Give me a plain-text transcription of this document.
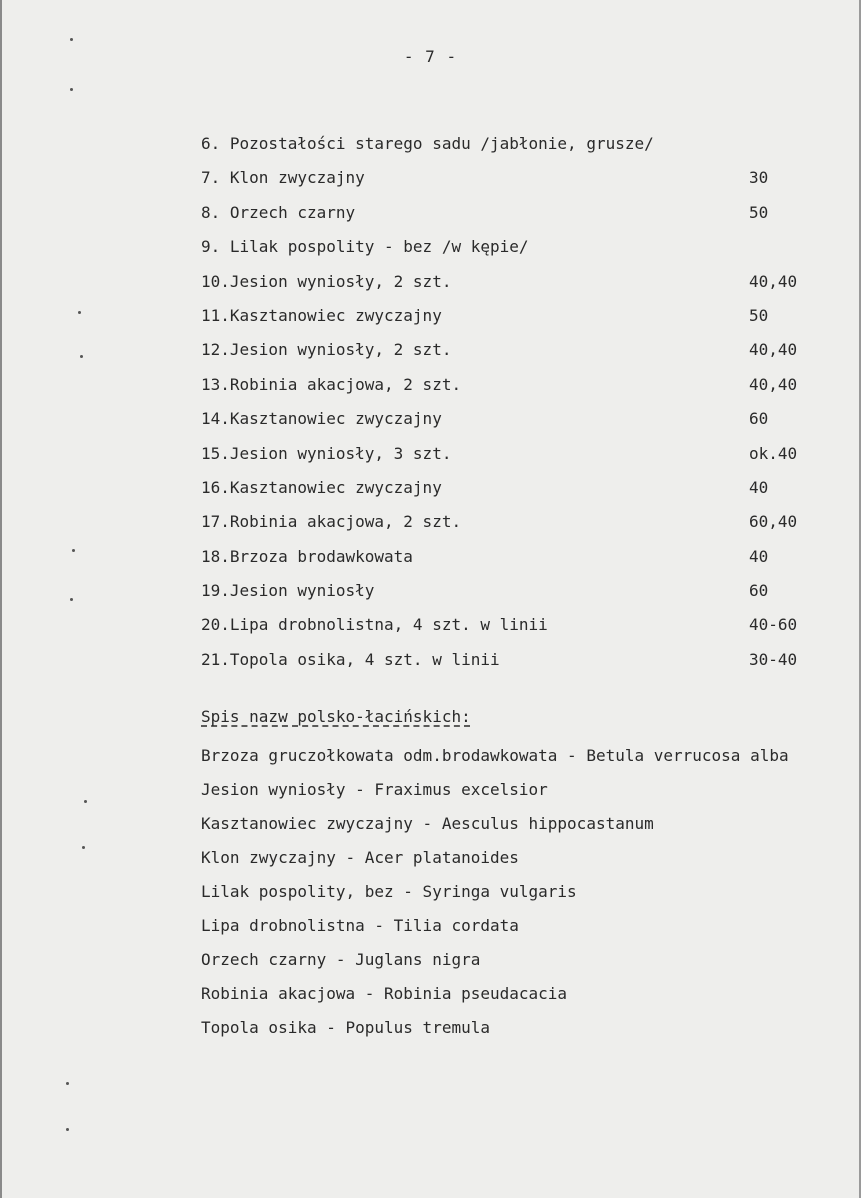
- 7 -
6. Pozostałości starego sadu /jabłonie, grusze/
7. Klon zwyczajny	30
8. Orzech czarny	50
9. Lilak pospolity - bez /w kępie/
10.Jesion wyniosły, 2 szt.	40,40
11.Kasztanowiec zwyczajny	50
12.Jesion wyniosły, 2 szt.	40,40
13.Robinia akacjowa, 2 szt.	40,40
14.Kasztanowiec zwyczajny	60
15.Jesion wyniosły, 3 szt.	ok.40
16.Kasztanowiec zwyczajny	40
17.Robinia akacjowa, 2 szt.	60,40
18.Brzoza brodawkowata	40
19.Jesion wyniosły	60
20.Lipa drobnolistna, 4 szt. w linii	40-60
21.Topola osika, 4 szt. w linii	30-40
Spis nazw polsko-łacińskich:
Brzoza gruczołkowata odm.brodawkowata - Betula verrucosa alba
Jesion wyniosły - Fraximus excelsior
Kasztanowiec zwyczajny - Aesculus hippocastanum
Klon zwyczajny - Acer platanoides
Lilak pospolity, bez - Syringa vulgaris
Lipa drobnolistna - Tilia cordata
Orzech czarny - Juglans nigra
Robinia akacjowa - Robinia pseudacacia
Topola osika - Populus tremula
